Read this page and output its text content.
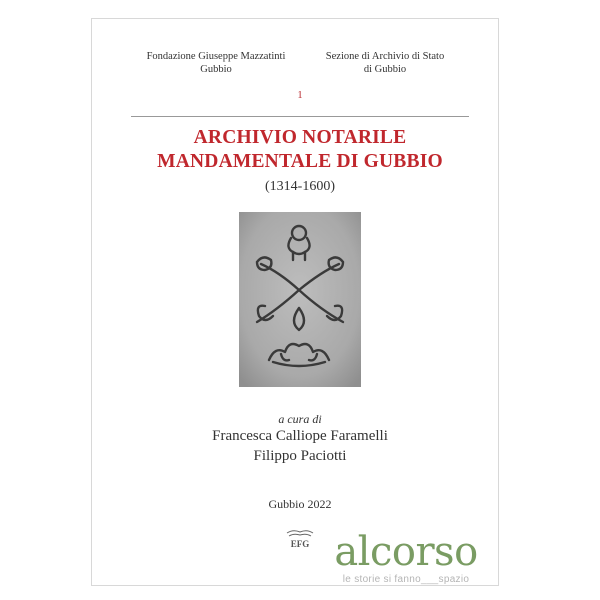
Fondazione Giuseppe Mazzatinti
Gubbio
Sezione di Archivio di Stato
di Gubbio
1
ARCHIVIO NOTARILE
MANDAMENTALE DI GUBBIO
(1314-1600)
a cura di
Francesca Calliope Faramelli
Filippo Paciotti
Gubbio 2022
EFG alcorso
le storie si fanno___spazio
